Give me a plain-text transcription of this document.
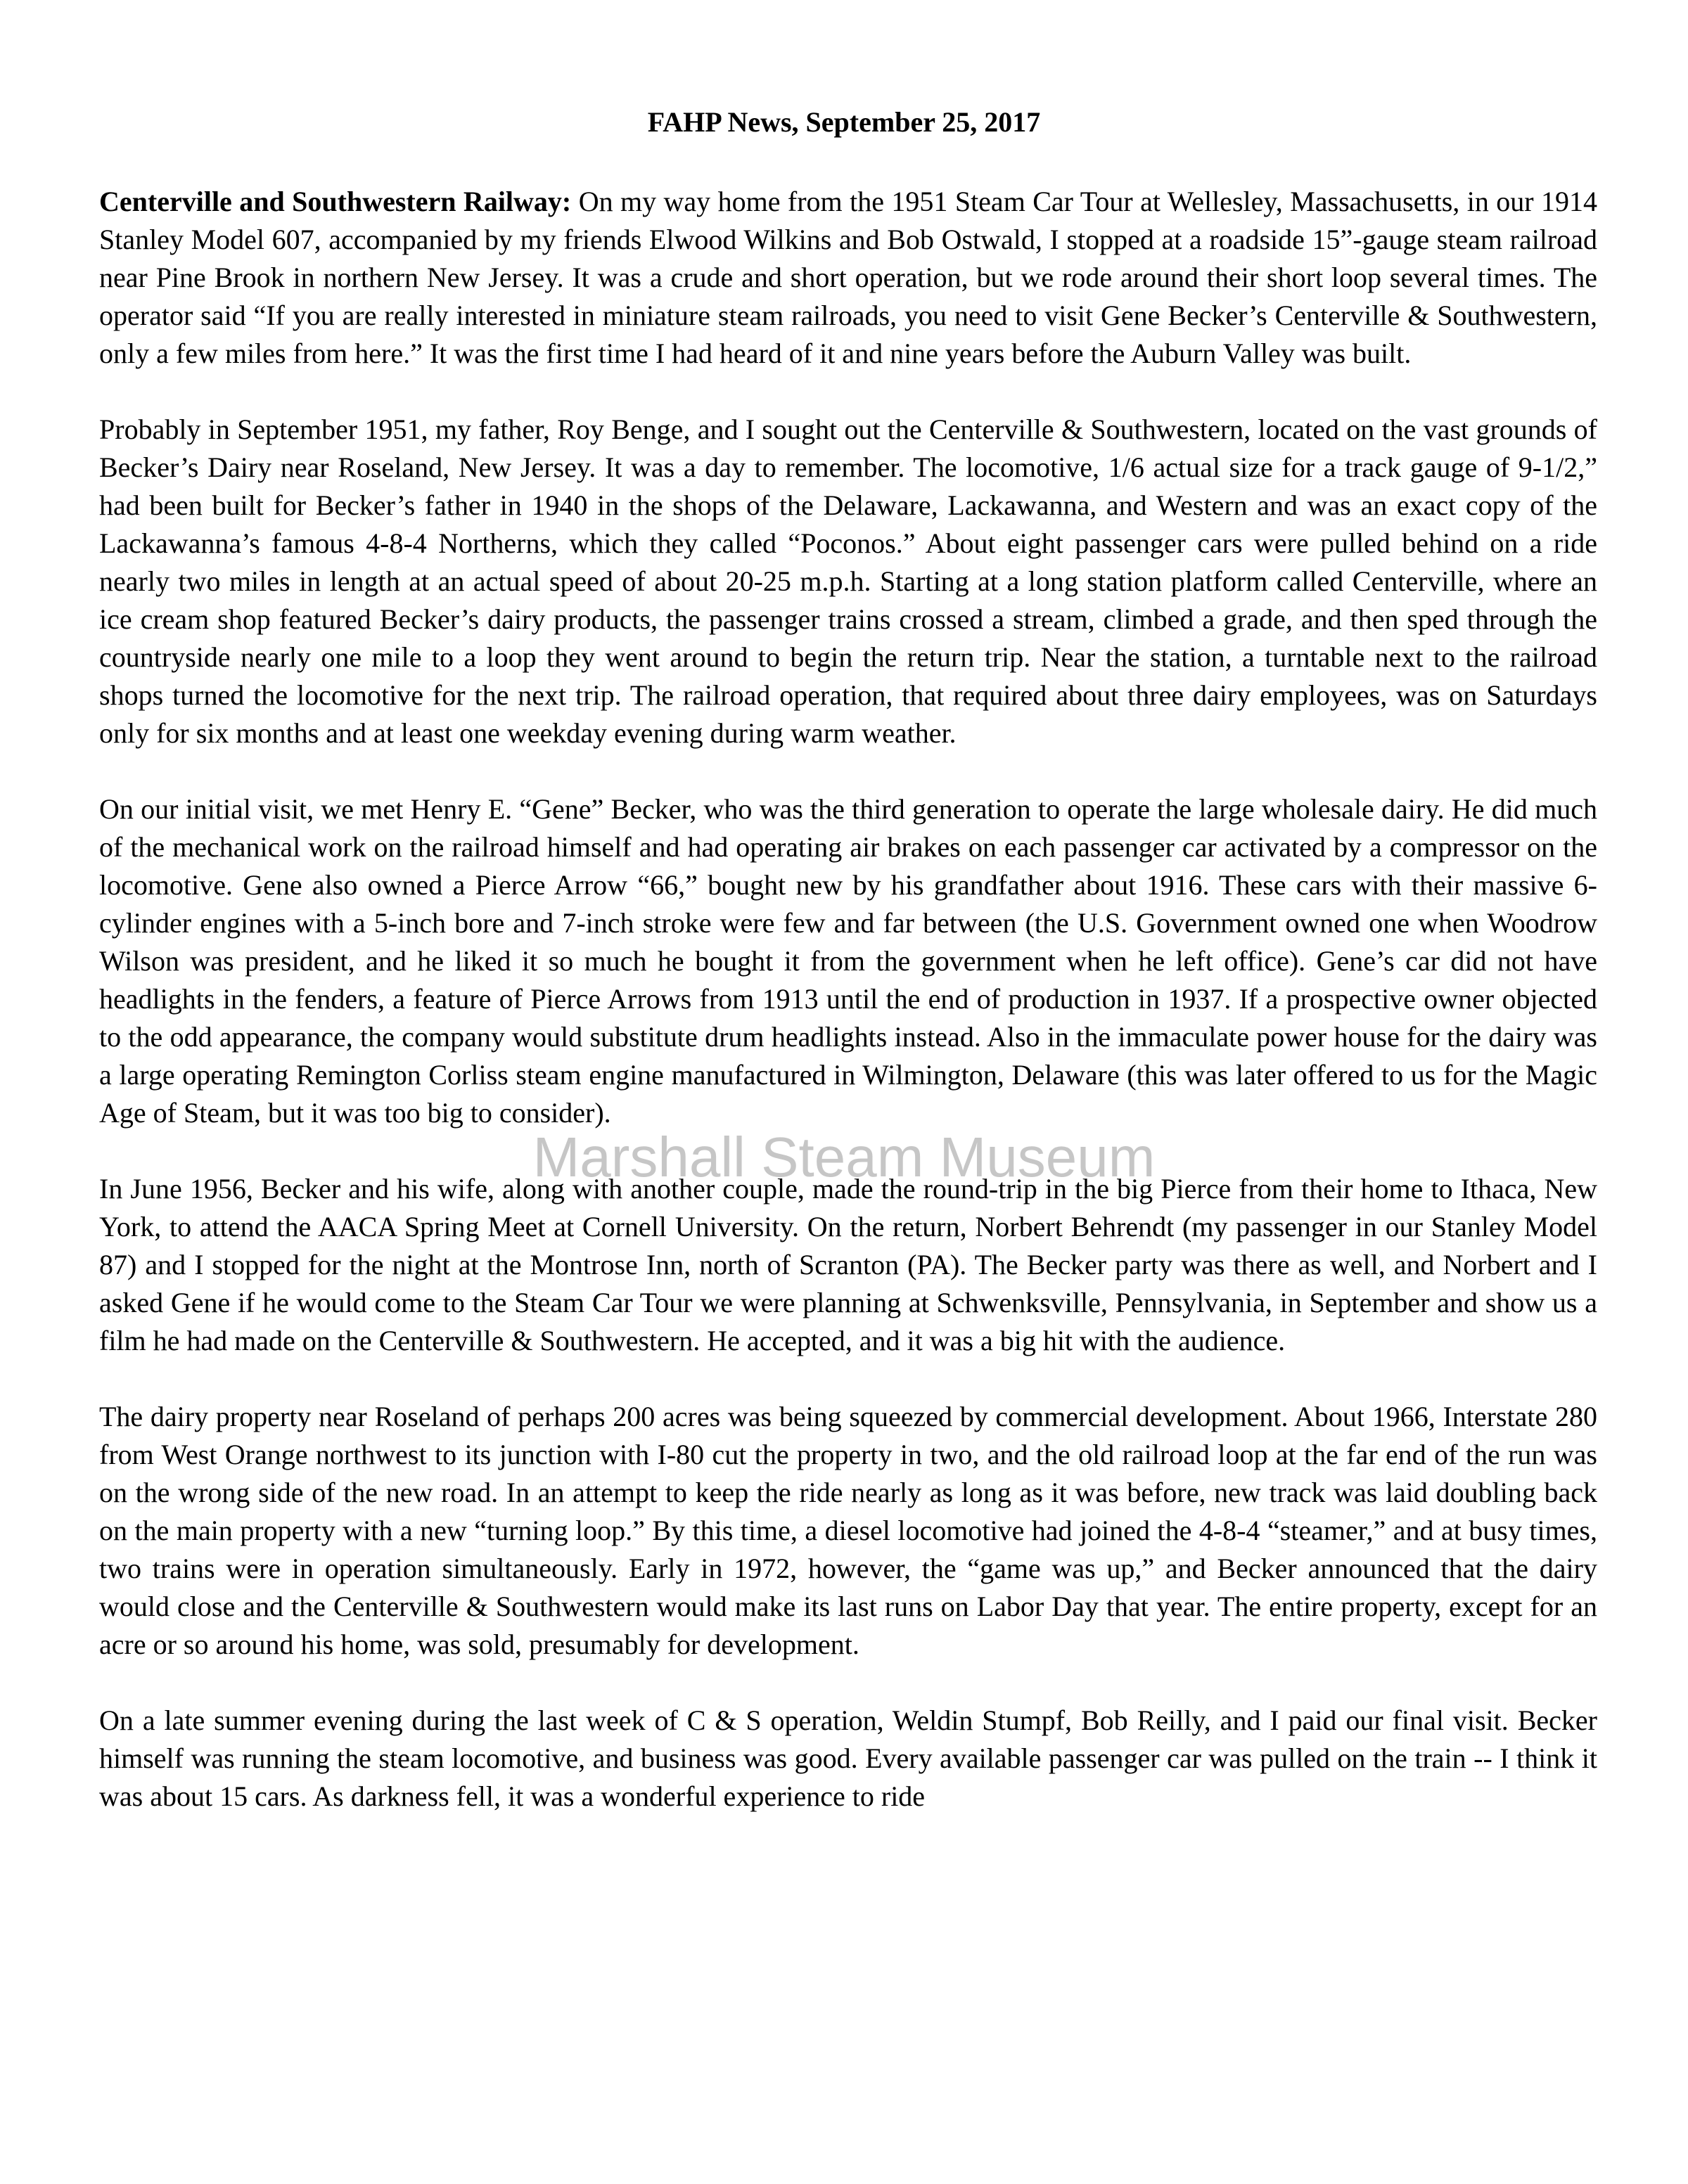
FAHP News, September 25, 2017

Centerville and Southwestern Railway: On my way home from the 1951 Steam Car Tour at Wellesley, Massachusetts, in our 1914 Stanley Model 607, accompanied by my friends Elwood Wilkins and Bob Ostwald, I stopped at a roadside 15”-gauge steam railroad near Pine Brook in northern New Jersey. It was a crude and short operation, but we rode around their short loop several times. The operator said “If you are really interested in miniature steam railroads, you need to visit Gene Becker’s Centerville & Southwestern, only a few miles from here.” It was the first time I had heard of it and nine years before the Auburn Valley was built.

Probably in September 1951, my father, Roy Benge, and I sought out the Centerville & Southwestern, located on the vast grounds of Becker’s Dairy near Roseland, New Jersey. It was a day to remember. The locomotive, 1/6 actual size for a track gauge of 9-1/2,” had been built for Becker’s father in 1940 in the shops of the Delaware, Lackawanna, and Western and was an exact copy of the Lackawanna’s famous 4-8-4 Northerns, which they called “Poconos.” About eight passenger cars were pulled behind on a ride nearly two miles in length at an actual speed of about 20-25 m.p.h. Starting at a long station platform called Centerville, where an ice cream shop featured Becker’s dairy products, the passenger trains crossed a stream, climbed a grade, and then sped through the countryside nearly one mile to a loop they went around to begin the return trip. Near the station, a turntable next to the railroad shops turned the locomotive for the next trip. The railroad operation, that required about three dairy employees, was on Saturdays only for six months and at least one weekday evening during warm weather.

On our initial visit, we met Henry E. “Gene” Becker, who was the third generation to operate the large wholesale dairy. He did much of the mechanical work on the railroad himself and had operating air brakes on each passenger car activated by a compressor on the locomotive. Gene also owned a Pierce Arrow “66,” bought new by his grandfather about 1916. These cars with their massive 6-cylinder engines with a 5-inch bore and 7-inch stroke were few and far between (the U.S. Government owned one when Woodrow Wilson was president, and he liked it so much he bought it from the government when he left office). Gene’s car did not have headlights in the fenders, a feature of Pierce Arrows from 1913 until the end of production in 1937. If a prospective owner objected to the odd appearance, the company would substitute drum headlights instead. Also in the immaculate power house for the dairy was a large operating Remington Corliss steam engine manufactured in Wilmington, Delaware (this was later offered to us for the Magic Age of Steam, but it was too big to consider).

In June 1956, Becker and his wife, along with another couple, made the round-trip in the big Pierce from their home to Ithaca, New York, to attend the AACA Spring Meet at Cornell University. On the return, Norbert Behrendt (my passenger in our Stanley Model 87) and I stopped for the night at the Montrose Inn, north of Scranton (PA). The Becker party was there as well, and Norbert and I asked Gene if he would come to the Steam Car Tour we were planning at Schwenksville, Pennsylvania, in September and show us a film he had made on the Centerville & Southwestern. He accepted, and it was a big hit with the audience.

The dairy property near Roseland of perhaps 200 acres was being squeezed by commercial development. About 1966, Interstate 280 from West Orange northwest to its junction with I-80 cut the property in two, and the old railroad loop at the far end of the run was on the wrong side of the new road. In an attempt to keep the ride nearly as long as it was before, new track was laid doubling back on the main property with a new “turning loop.” By this time, a diesel locomotive had joined the 4-8-4 “steamer,” and at busy times, two trains were in operation simultaneously. Early in 1972, however, the “game was up,” and Becker announced that the dairy would close and the Centerville & Southwestern would make its last runs on Labor Day that year. The entire property, except for an acre or so around his home, was sold, presumably for development.

On a late summer evening during the last week of C & S operation, Weldin Stumpf, Bob Reilly, and I paid our final visit. Becker himself was running the steam locomotive, and business was good. Every available passenger car was pulled on the train -- I think it was about 15 cars. As darkness fell, it was a wonderful experience to ride

Marshall Steam Museum
